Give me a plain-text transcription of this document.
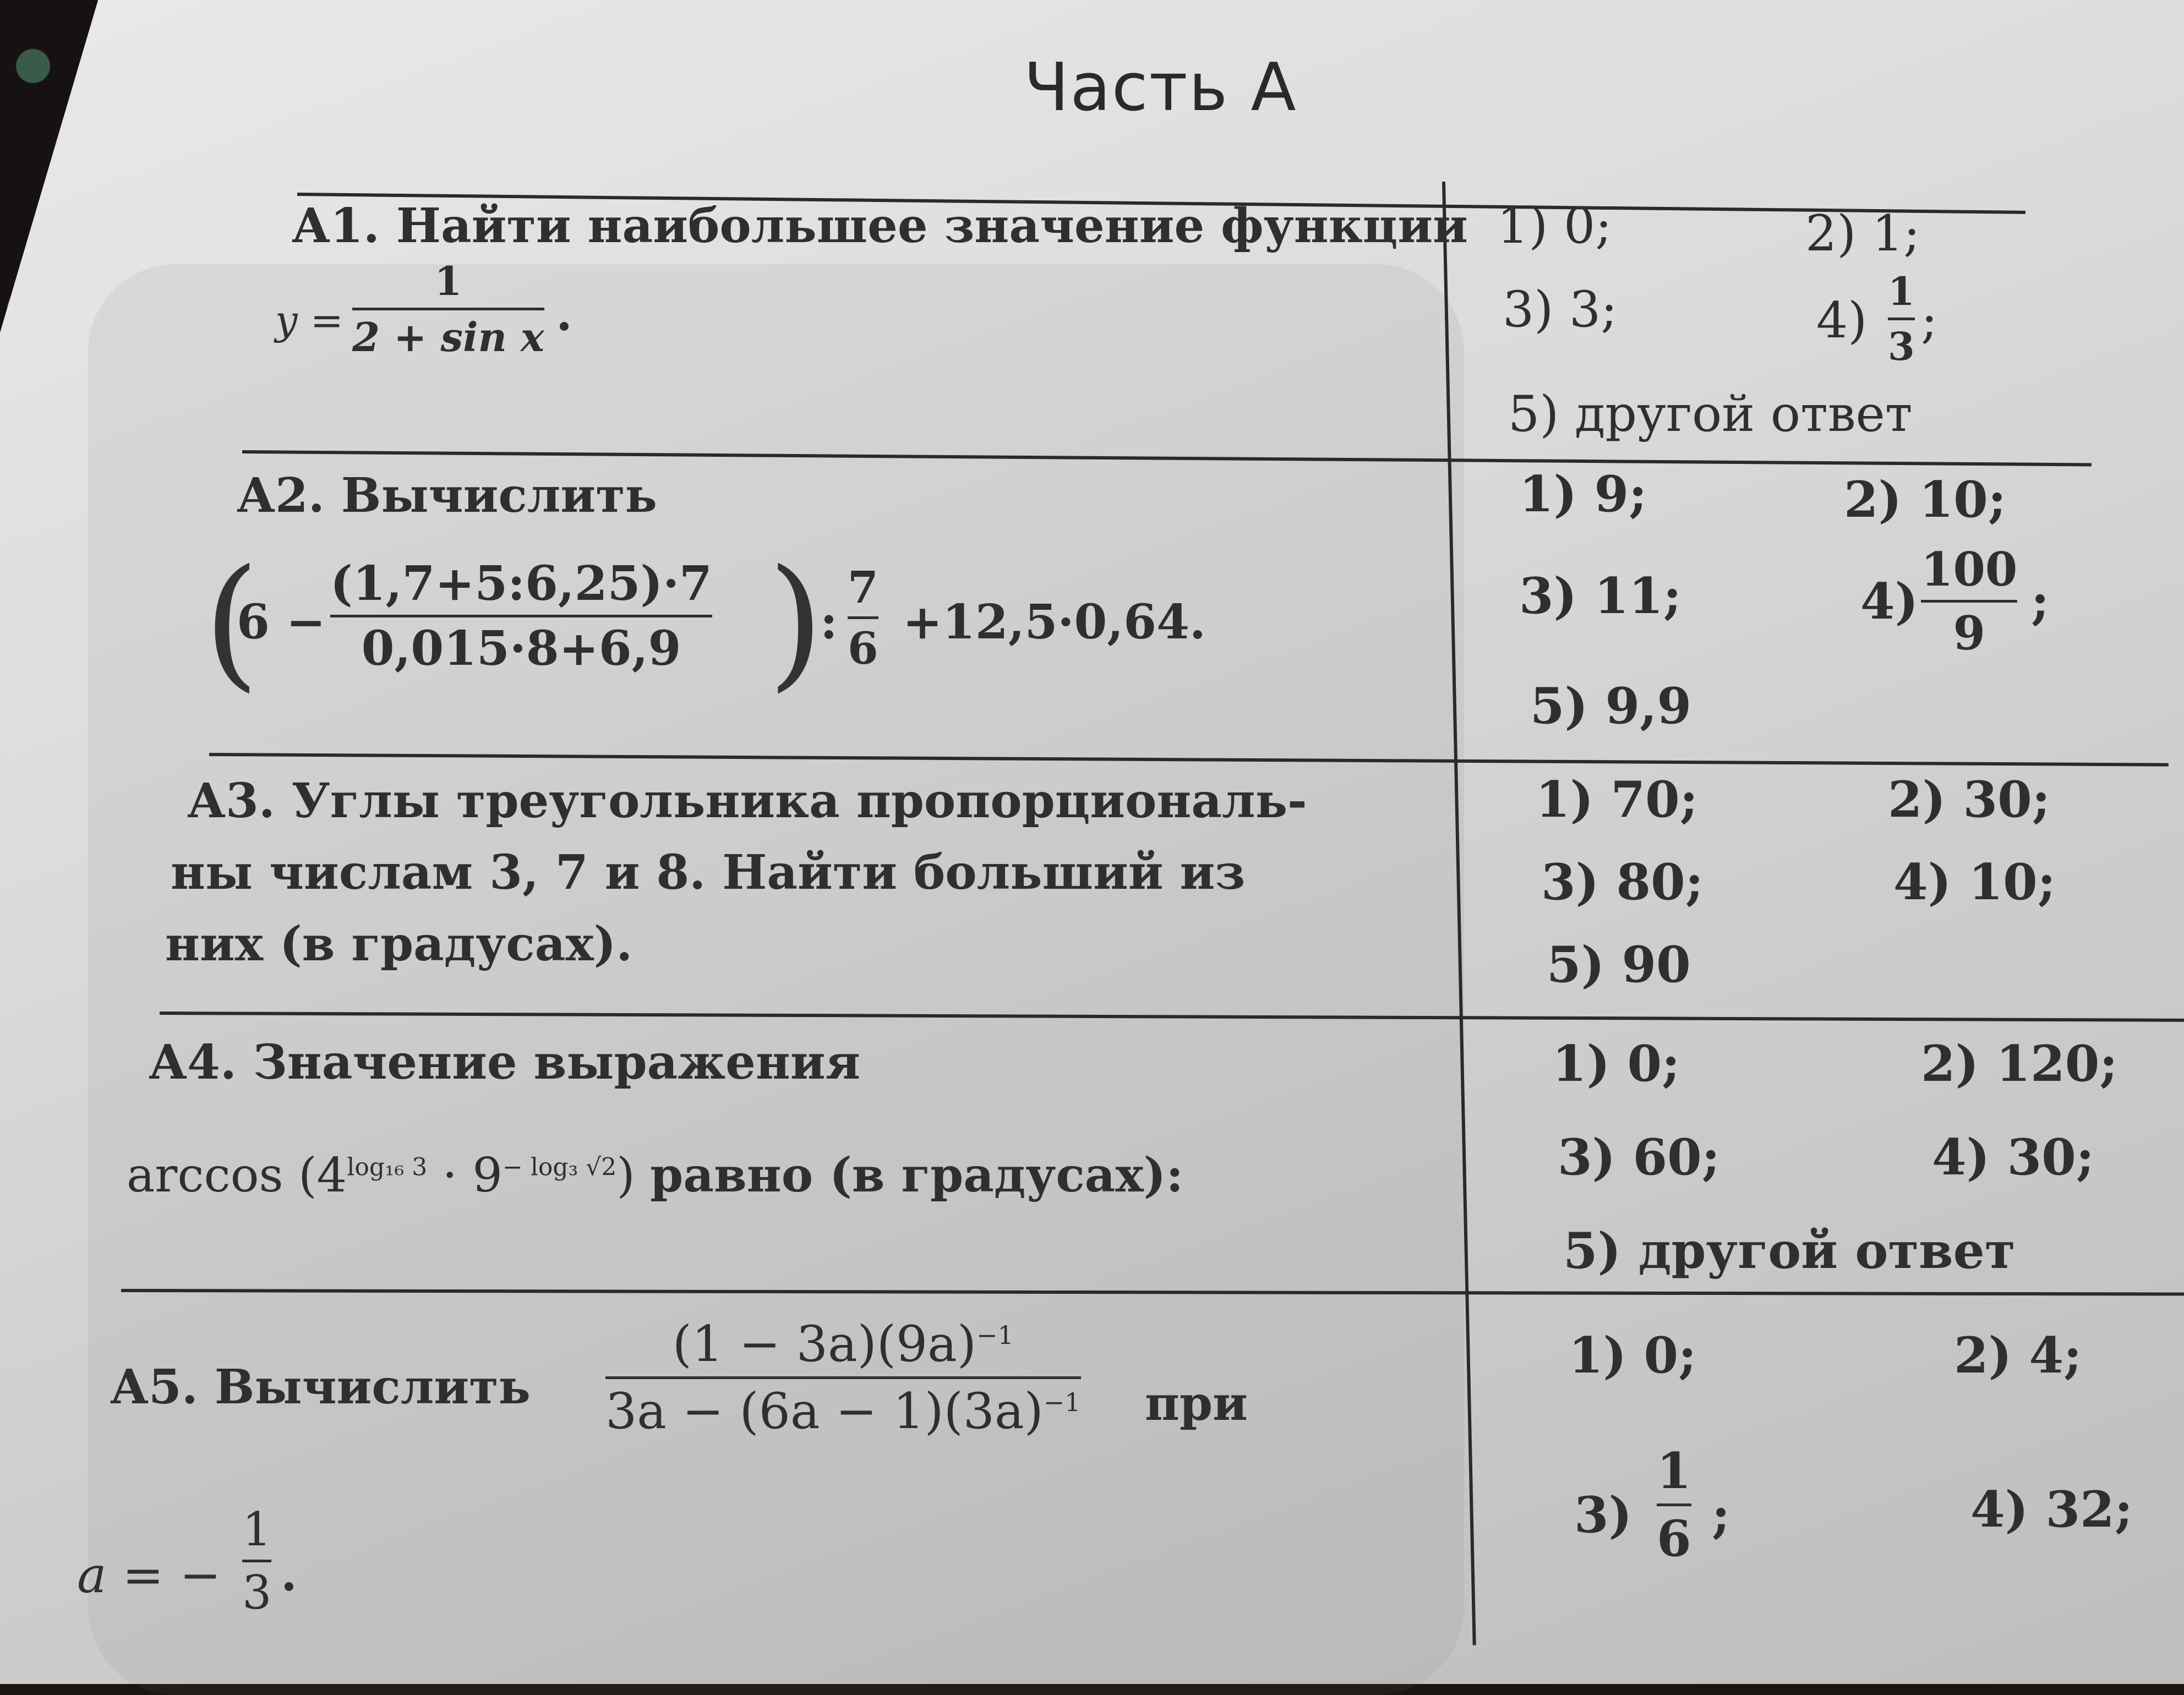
Часть А
А1. Найти наибольшее значение функции
y =
1
2 + sin x .
1) 0;	2) 1;
3) 3;	4)
1
3 ;
5) другой ответ
А2. Вычислить
(
6 −
(1,7+5:6,25)·7
0,015·8+6,9 )
:
7
6 +12,5·0,64.
1) 9;	2) 10;
3) 11;	4)
100
9
;
5) 9,9
А3. Углы треугольника пропорциональ-
ны числам 3, 7 и 8. Найти больший из
них (в градусах).
1) 70;	2) 30;
3) 80;	4) 10;
5) 90
А4. Значение выражения
$\arccos (4^{log_{16} 3} \cdot 9^{- log_3 √2})$ равно (в градусах):
1) 0;	2) 120;
3) 60;	4) 30;
5) другой ответ
А5. Вычислить
$(1 - 3a)(9a)^{-1}$
$3a - (6a - 1)(3a)^{-1}$ при
a = −
1
3 .
1) 0;	2) 4;
3)
1
6 ;	4) 32;
